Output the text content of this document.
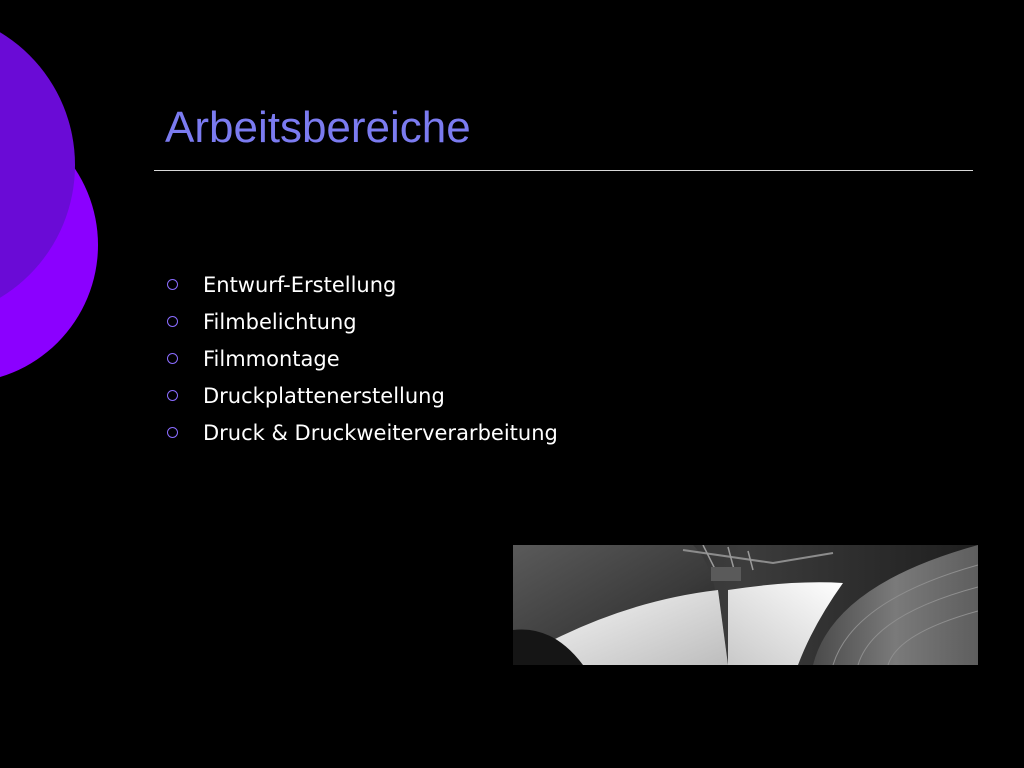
Arbeitsbereiche
Entwurf-Erstellung
Filmbelichtung
Filmmontage
Druckplattenerstellung
Druck & Druckweiterverarbeitung
